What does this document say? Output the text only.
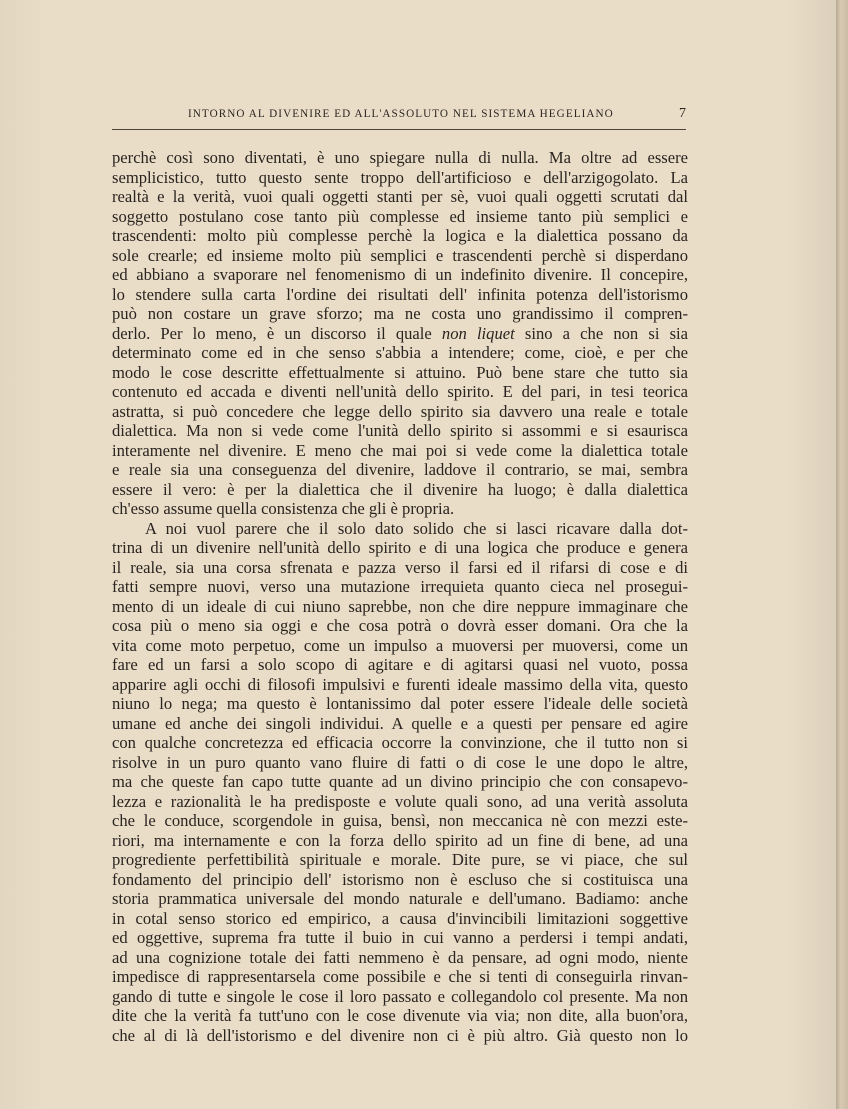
INTORNO AL DIVENIRE ED ALL'ASSOLUTO NEL SISTEMA HEGELIANO	7
perchè così sono diventati, è uno spiegare nulla di nulla. Ma oltre ad essere
semplicistico, tutto questo sente troppo dell'artificioso e dell'arzigogolato. La
realtà e la verità, vuoi quali oggetti stanti per sè, vuoi quali oggetti scrutati dal
soggetto postulano cose tanto più complesse ed insieme tanto più semplici e
trascendenti: molto più complesse perchè la logica e la dialettica possano da
sole crearle; ed insieme molto più semplici e trascendenti perchè si disperdano
ed abbiano a svaporare nel fenomenismo di un indefinito divenire. Il concepire,
lo stendere sulla carta l'ordine dei risultati dell' infinita potenza dell'istorismo
può non costare un grave sforzo; ma ne costa uno grandissimo il compren-
derlo. Per lo meno, è un discorso il quale non liquet sino a che non si sia
determinato come ed in che senso s'abbia a intendere; come, cioè, e per che
modo le cose descritte effettualmente si attuino. Può bene stare che tutto sia
contenuto ed accada e diventi nell'unità dello spirito. E del pari, in tesi teorica
astratta, si può concedere che legge dello spirito sia davvero una reale e totale
dialettica. Ma non si vede come l'unità dello spirito si assommi e si esaurisca
interamente nel divenire. E meno che mai poi si vede come la dialettica totale
e reale sia una conseguenza del divenire, laddove il contrario, se mai, sembra
essere il vero: è per la dialettica che il divenire ha luogo; è dalla dialettica
ch'esso assume quella consistenza che gli è propria.
A noi vuol parere che il solo dato solido che si lasci ricavare dalla dot-
trina di un divenire nell'unità dello spirito e di una logica che produce e genera
il reale, sia una corsa sfrenata e pazza verso il farsi ed il rifarsi di cose e di
fatti sempre nuovi, verso una mutazione irrequieta quanto cieca nel prosegui-
mento di un ideale di cui niuno saprebbe, non che dire neppure immaginare che
cosa più o meno sia oggi e che cosa potrà o dovrà esser domani. Ora che la
vita come moto perpetuo, come un impulso a muoversi per muoversi, come un
fare ed un farsi a solo scopo di agitare e di agitarsi quasi nel vuoto, possa
apparire agli occhi di filosofi impulsivi e furenti ideale massimo della vita, questo
niuno lo nega; ma questo è lontanissimo dal poter essere l'ideale delle società
umane ed anche dei singoli individui. A quelle e a questi per pensare ed agire
con qualche concretezza ed efficacia occorre la convinzione, che il tutto non si
risolve in un puro quanto vano fluire di fatti o di cose le une dopo le altre,
ma che queste fan capo tutte quante ad un divino principio che con consapevo-
lezza e razionalità le ha predisposte e volute quali sono, ad una verità assoluta
che le conduce, scorgendole in guisa, bensì, non meccanica nè con mezzi este-
riori, ma internamente e con la forza dello spirito ad un fine di bene, ad una
progrediente perfettibilità spirituale e morale. Dite pure, se vi piace, che sul
fondamento del principio dell' istorismo non è escluso che si costituisca una
storia prammatica universale del mondo naturale e dell'umano. Badiamo: anche
in cotal senso storico ed empirico, a causa d'invincibili limitazioni soggettive
ed oggettive, suprema fra tutte il buio in cui vanno a perdersi i tempi andati,
ad una cognizione totale dei fatti nemmeno è da pensare, ad ogni modo, niente
impedisce di rappresentarsela come possibile e che si tenti di conseguirla rinvan-
gando di tutte e singole le cose il loro passato e collegandolo col presente. Ma non
dite che la verità fa tutt'uno con le cose divenute via via; non dite, alla buon'ora,
che al di là dell'istorismo e del divenire non ci è più altro. Già questo non lo
